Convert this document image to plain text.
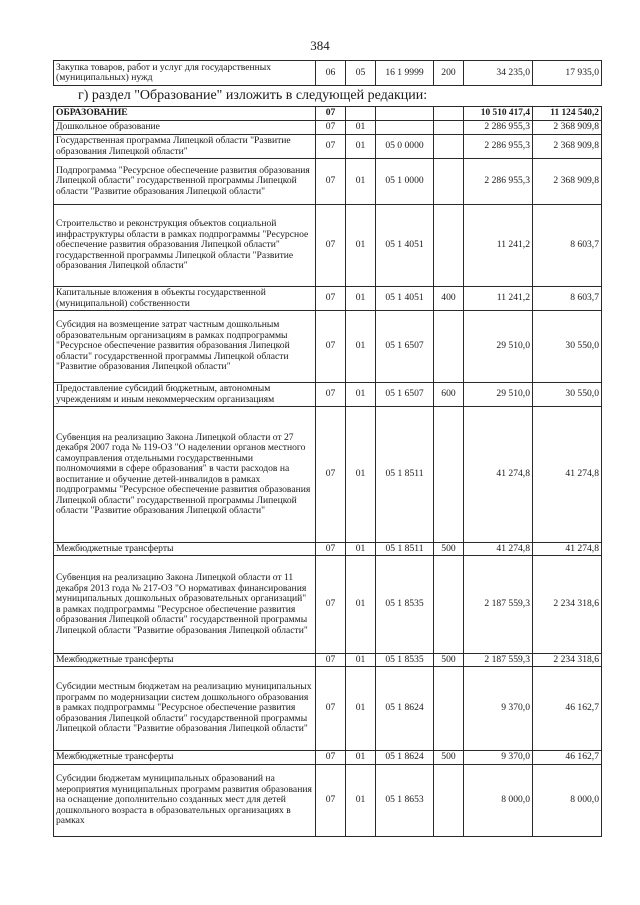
384
Закупка товаров, работ и услуг для государственных (муниципальных) нужд	06	05	16 1 9999	200	34 235,0	17 935,0
г) раздел "Образование" изложить в следующей редакции:
ОБРАЗОВАНИЕ	07				10 510 417,4	11 124 540,2
Дошкольное образование	07	01			2 286 955,3	2 368 909,8
Государственная программа Липецкой области "Развитие образования Липецкой области"	07	01	05 0 0000		2 286 955,3	2 368 909,8
Подпрограмма "Ресурсное обеспечение развития образования Липецкой области" государственной программы Липецкой области "Развитие образования Липецкой области"	07	01	05 1 0000		2 286 955,3	2 368 909,8
Строительство и реконструкция объектов социальной инфраструктуры области в рамках подпрограммы "Ресурсное обеспечение развития образования Липецкой области" государственной программы Липецкой области "Развитие образования Липецкой области"	07	01	05 1 4051		11 241,2	8 603,7
Капитальные вложения в объекты государственной (муниципальной) собственности	07	01	05 1 4051	400	11 241,2	8 603,7
Субсидия на возмещение затрат частным дошкольным образовательным организациям в рамках подпрограммы "Ресурсное обеспечение развития образования Липецкой области" государственной программы Липецкой области "Развитие образования Липецкой области"	07	01	05 1 6507		29 510,0	30 550,0
Предоставление субсидий бюджетным, автономным учреждениям и иным некоммерческим организациям	07	01	05 1 6507	600	29 510,0	30 550,0
Субвенция на реализацию Закона Липецкой области от 27 декабря 2007 года № 119-ОЗ "О наделении органов местного самоуправления отдельными государственными полномочиями в сфере образования" в части расходов на воспитание и обучение детей-инвалидов в рамках подпрограммы "Ресурсное обеспечение развития образования Липецкой области" государственной программы Липецкой области "Развитие образования Липецкой области"	07	01	05 1 8511		41 274,8	41 274,8
Межбюджетные трансферты	07	01	05 1 8511	500	41 274,8	41 274,8
Субвенция на реализацию Закона Липецкой области от 11 декабря 2013 года № 217-ОЗ "О нормативах финансирования муниципальных дошкольных образовательных организаций" в рамках подпрограммы "Ресурсное обеспечение развития образования Липецкой области" государственной программы Липецкой области "Развитие образования Липецкой области"	07	01	05 1 8535		2 187 559,3	2 234 318,6
Межбюджетные трансферты	07	01	05 1 8535	500	2 187 559,3	2 234 318,6
Субсидии местным бюджетам на реализацию муниципальных программ по модернизации систем дошкольного образования в рамках подпрограммы "Ресурсное обеспечение развития образования Липецкой области" государственной программы Липецкой области "Развитие образования Липецкой области"	07	01	05 1 8624		9 370,0	46 162,7
Межбюджетные трансферты	07	01	05 1 8624	500	9 370,0	46 162,7
Субсидии бюджетам муниципальных образований на мероприятия муниципальных программ развития образования на оснащение дополнительно созданных мест для детей дошкольного возраста в образовательных организациях в рамках	07	01	05 1 8653		8 000,0	8 000,0
